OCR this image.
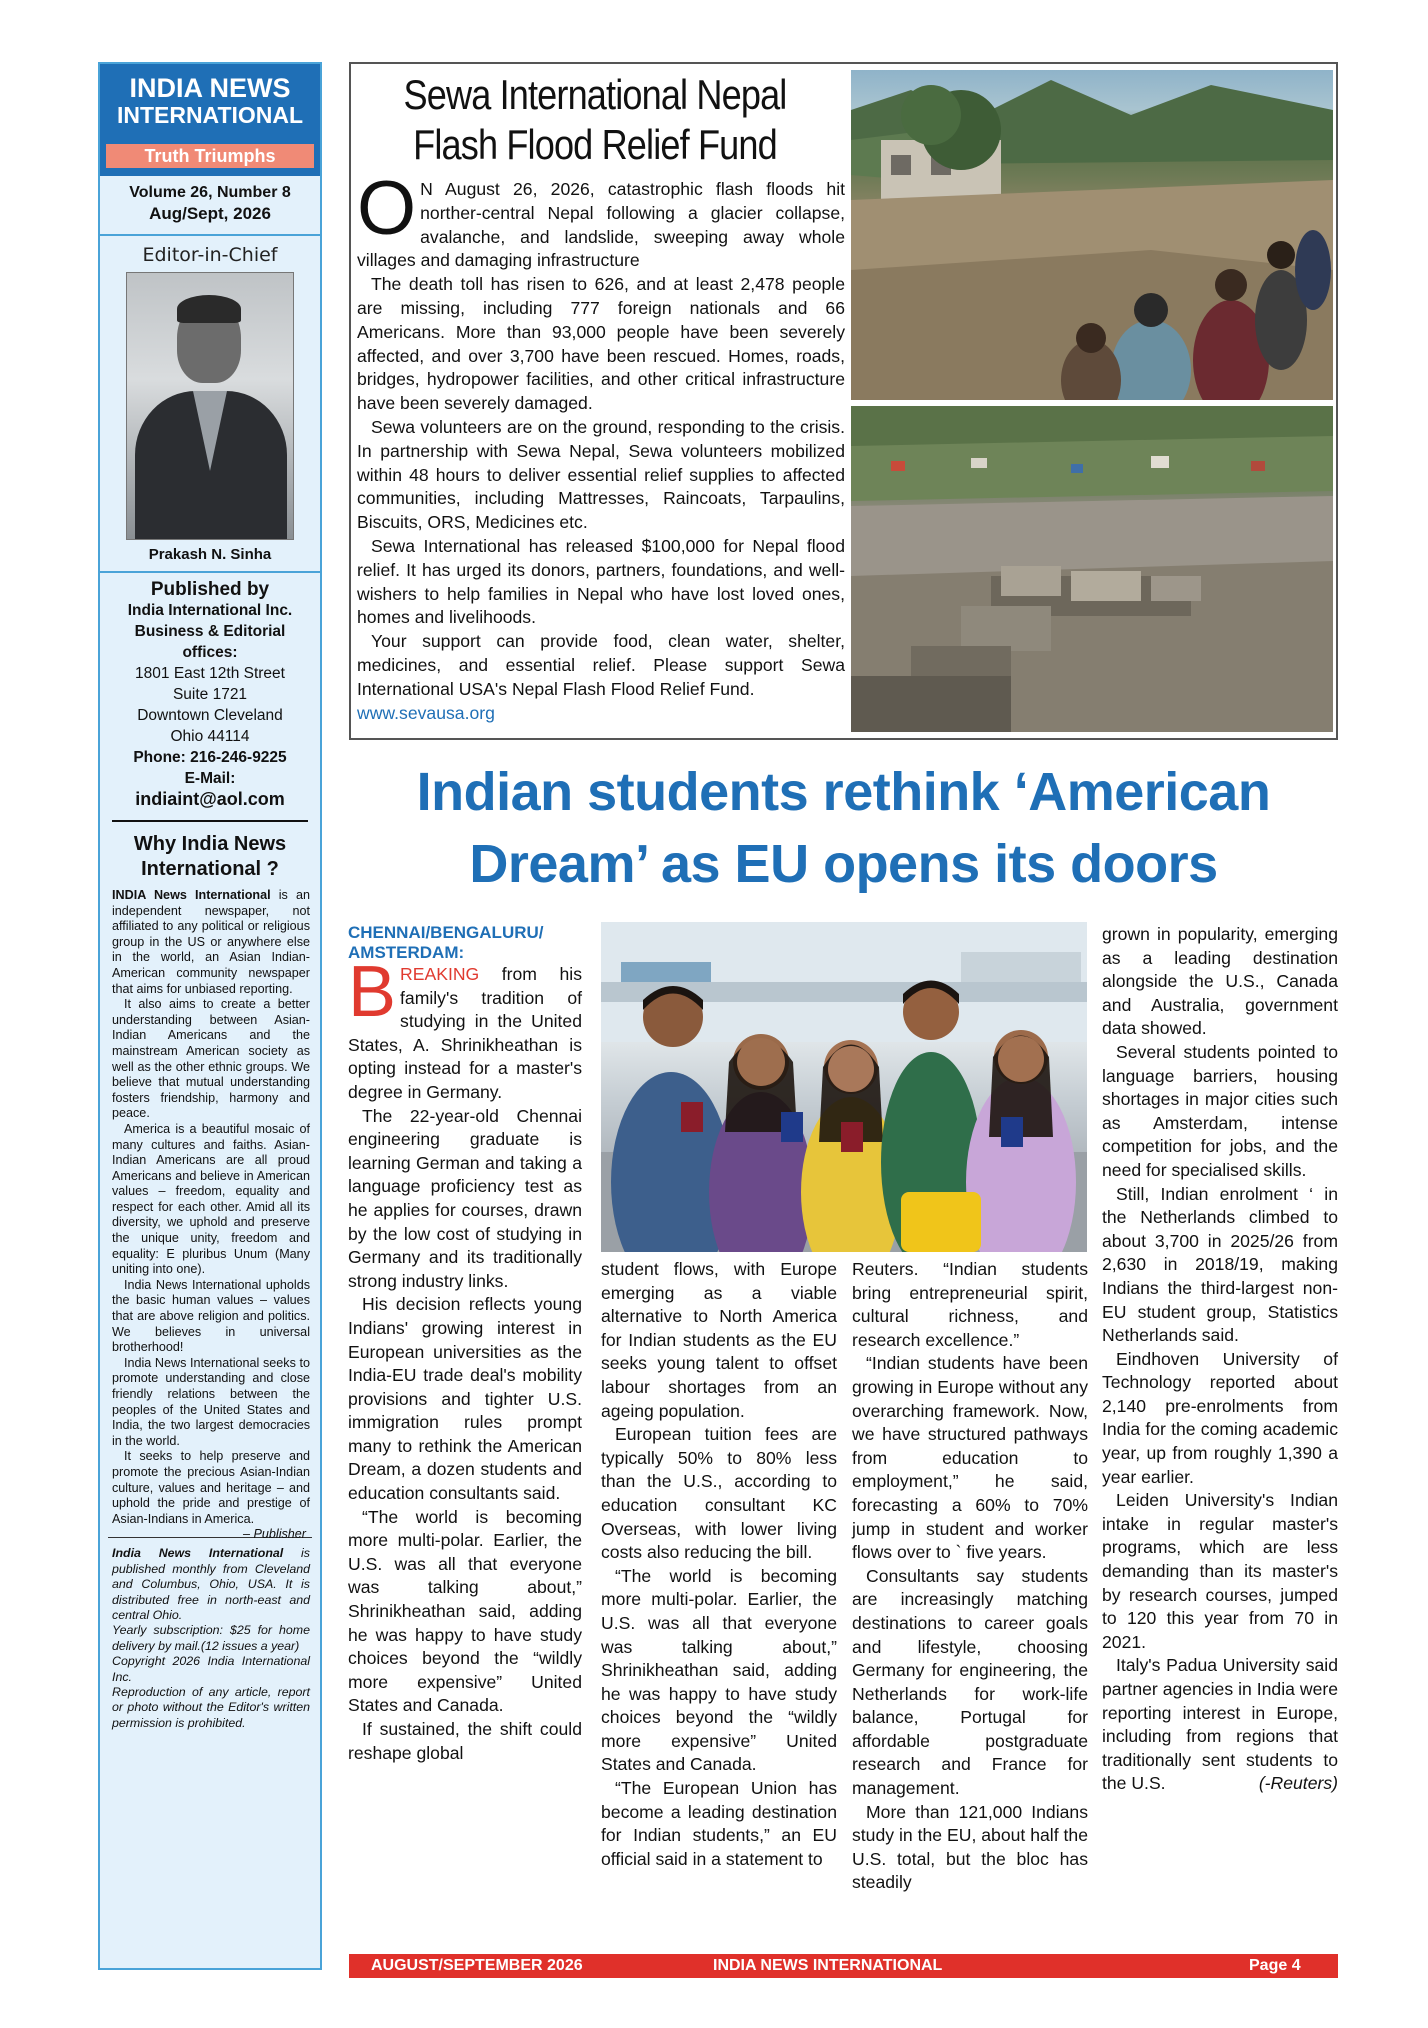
INDIA NEWS
INTERNATIONAL
Truth Triumphs
Volume 26, Number 8
Aug/Sept, 2026
Editor-in-Chief
Prakash N. Sinha
Published by
India International Inc.
Business & Editorial offices:
1801 East 12th Street
Suite 1721
Downtown Cleveland
Ohio 44114
Phone: 216-246-9225
E-Mail:
indiaint@aol.com
Why India News International ?

INDIA News International is an independent newspaper, not affiliated to any political or religious group in the US or anywhere else in the world, an Asian Indian-American community newspaper that aims for unbiased reporting.

It also aims to create a better understanding between Asian-Indian Americans and the mainstream American society as well as the other ethnic groups. We believe that mutual understanding fosters friendship, harmony and peace.

America is a beautiful mosaic of many cultures and faiths. Asian-Indian Americans are all proud Americans and believe in American values – freedom, equality and respect for each other. Amid all its diversity, we uphold and preserve the unique unity, freedom and equality: E pluribus Unum (Many uniting into one).

India News International upholds the basic human values – values that are above religion and politics. We believes in universal brotherhood!

India News International seeks to promote understanding and close friendly relations between the peoples of the United States and India, the two largest democracies in the world.

It seeks to help preserve and promote the precious Asian-Indian culture, values and heritage – and uphold the pride and prestige of Asian-Indians in America.
– Publisher

India News International is published monthly from Cleveland and Columbus, Ohio, USA. It is distributed free in north-east and central Ohio.
Yearly subscription: $25 for home delivery by mail.(12 issues a year)
Copyright 2026 India International Inc.
Reproduction of any article, report or photo without the Editor's written permission is prohibited.
Sewa International Nepal
Flash Flood Relief Fund

O N August 26, 2026, catastrophic flash floods hit norther-central Nepal following a glacier collapse, avalanche, and landslide, sweeping away whole villages and damaging infrastructure

The death toll has risen to 626, and at least 2,478 people are missing, including 777 foreign nationals and 66 Americans. More than 93,000 people have been severely affected, and over 3,700 have been rescued. Homes, roads, bridges, hydropower facilities, and other critical infrastructure have been severely damaged.

Sewa volunteers are on the ground, responding to the crisis. In partnership with Sewa Nepal, Sewa volunteers mobilized within 48 hours to deliver essential relief supplies to affected communities, including Mattresses, Raincoats, Tarpaulins, Biscuits, ORS, Medicines etc.

Sewa International has released $100,000 for Nepal flood relief. It has urged its donors, partners, foundations, and well-wishers to help families in Nepal who have lost loved ones, homes and livelihoods.

Your support can provide food, clean water, shelter, medicines, and essential relief. Please support Sewa International USA's Nepal Flash Flood Relief Fund.

www.sevausa.org

Indian students rethink ‘American
Dream’ as EU opens its doors
CHENNAI/BENGALURU/ AMSTERDAM:

BREAKING from his family's tradition of studying in the United States, A. Shrinikheathan is opting instead for a master's degree in Germany.

The 22-year-old Chennai engineering graduate is learning German and taking a language proficiency test as he applies for courses, drawn by the low cost of studying in Germany and its traditionally strong industry links.

His decision reflects young Indians' growing interest in European universities as the India-EU trade deal's mobility provisions and tighter U.S. immigration rules prompt many to rethink the American Dream, a dozen students and education consultants said.

“The world is becoming more multi-polar. Earlier, the U.S. was all that everyone was talking about,” Shrinikheathan said, adding he was happy to have study choices beyond the “wildly more expensive” United States and Canada.

If sustained, the shift could reshape global

student flows, with Europe emerging as a viable alternative to North America for Indian students as the EU seeks young talent to offset labour shortages from an ageing population.

European tuition fees are typically 50% to 80% less than the U.S., according to education consultant KC Overseas, with lower living costs also reducing the bill.

“The world is becoming more multi-polar. Earlier, the U.S. was all that everyone was talking about,” Shrinikheathan said, adding he was happy to have study choices beyond the “wildly more expensive” United States and Canada.

“The European Union has become a leading destination for Indian students,” an EU official said in a statement to

Reuters. “Indian students bring entrepreneurial spirit, cultural richness, and research excellence.”

“Indian students have been growing in Europe without any overarching framework. Now, we have structured pathways from education to employment,” he said, forecasting a 60% to 70% jump in student and worker flows over to ` five years.

Consultants say students are increasingly matching destinations to career goals and lifestyle, choosing Germany for engineering, the Netherlands for work-life balance, Portugal for affordable postgraduate research and France for management.

More than 121,000 Indians study in the EU, about half the U.S. total, but the bloc has steadily

grown in popularity, emerging as a leading destination alongside the U.S., Canada and Australia, government data showed.

Several students pointed to language barriers, housing shortages in major cities such as Amsterdam, intense competition for jobs, and the need for specialised skills.

Still, Indian enrolment ‘ in the Netherlands climbed to about 3,700 in 2025/26 from 2,630 in 2018/19, making Indians the third-largest non-EU student group, Statistics Netherlands said.

Eindhoven University of Technology reported about 2,140 pre-enrolments from India for the coming academic year, up from roughly 1,390 a year earlier.

Leiden University's Indian intake in regular master's programs, which are less demanding than its master's by research courses, jumped to 120 this year from 70 in 2021.

Italy's Padua University said partner agencies in India were reporting interest in Europe, including from regions that traditionally sent students to the U.S.	(-Reuters)

AUGUST/SEPTEMBER 2026	INDIA NEWS INTERNATIONAL	Page 4
